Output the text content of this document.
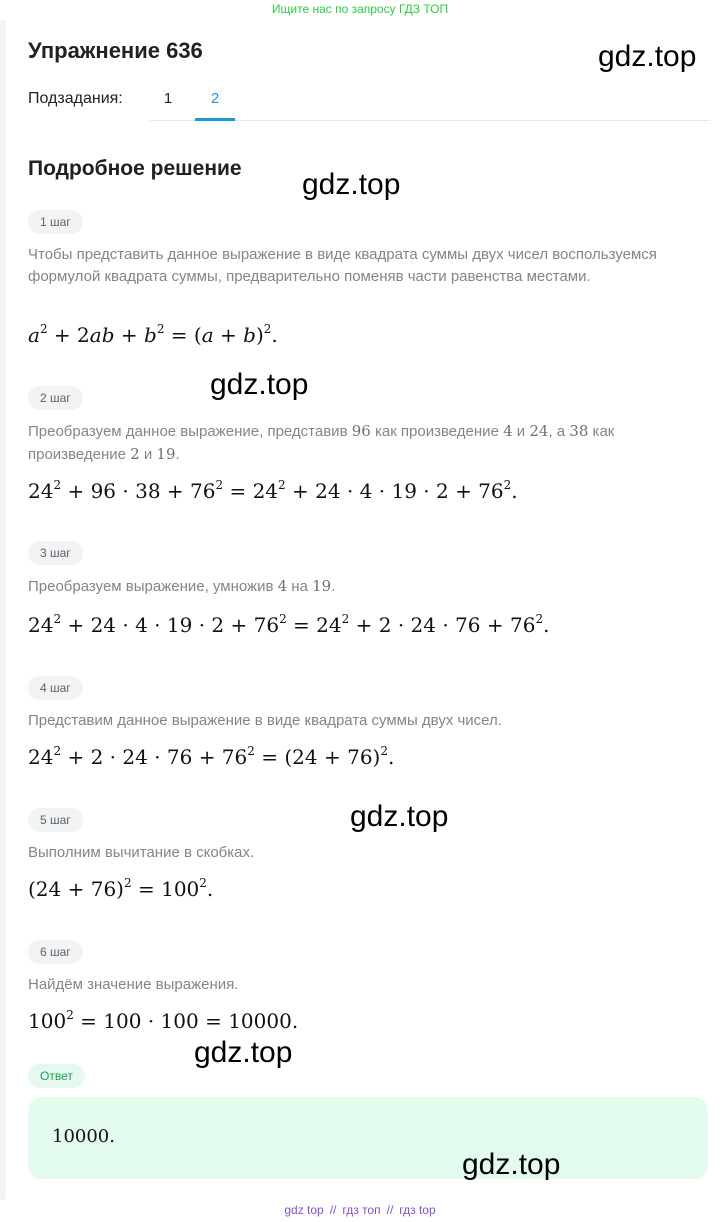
Ищите нас по запросу ГДЗ ТОП
Упражнение 636	gdz.top
Подзадания:	1	2
Подробное решение gdz.top
1 шаг
Чтобы представить данное выражение в виде квадрата суммы двух чисел воспользуемся формулой квадрата суммы, предварительно поменяв части равенства местами.
$a^2 + 2ab + b^2 = (a + b)^2$.
gdz.top
2 шаг
Преобразуем данное выражение, представив 96 как произведение 4 и 24, а 38 как произведение 2 и 19.
$24^2 + 96 \cdot 38 + 76^2 = 24^2 + 24 \cdot 4 \cdot 19 \cdot 2 + 76^2$.
3 шаг
Преобразуем выражение, умножив 4 на 19.
$24^2 + 24 \cdot 4 \cdot 19 \cdot 2 + 76^2 = 24^2 + 2 \cdot 24 \cdot 76 + 76^2$.
4 шаг
Представим данное выражение в виде квадрата суммы двух чисел.
$24^2 + 2 \cdot 24 \cdot 76 + 76^2 = (24 + 76)^2$.
gdz.top
5 шаг
Выполним вычитание в скобках.
$(24 + 76)^2 = 100^2$.
6 шаг
Найдём значение выражения.
$100^2 = 100 \cdot 100 = 10000$.
gdz.top
Ответ
10000.
gdz.top
gdz top // гдз топ // гдз top
